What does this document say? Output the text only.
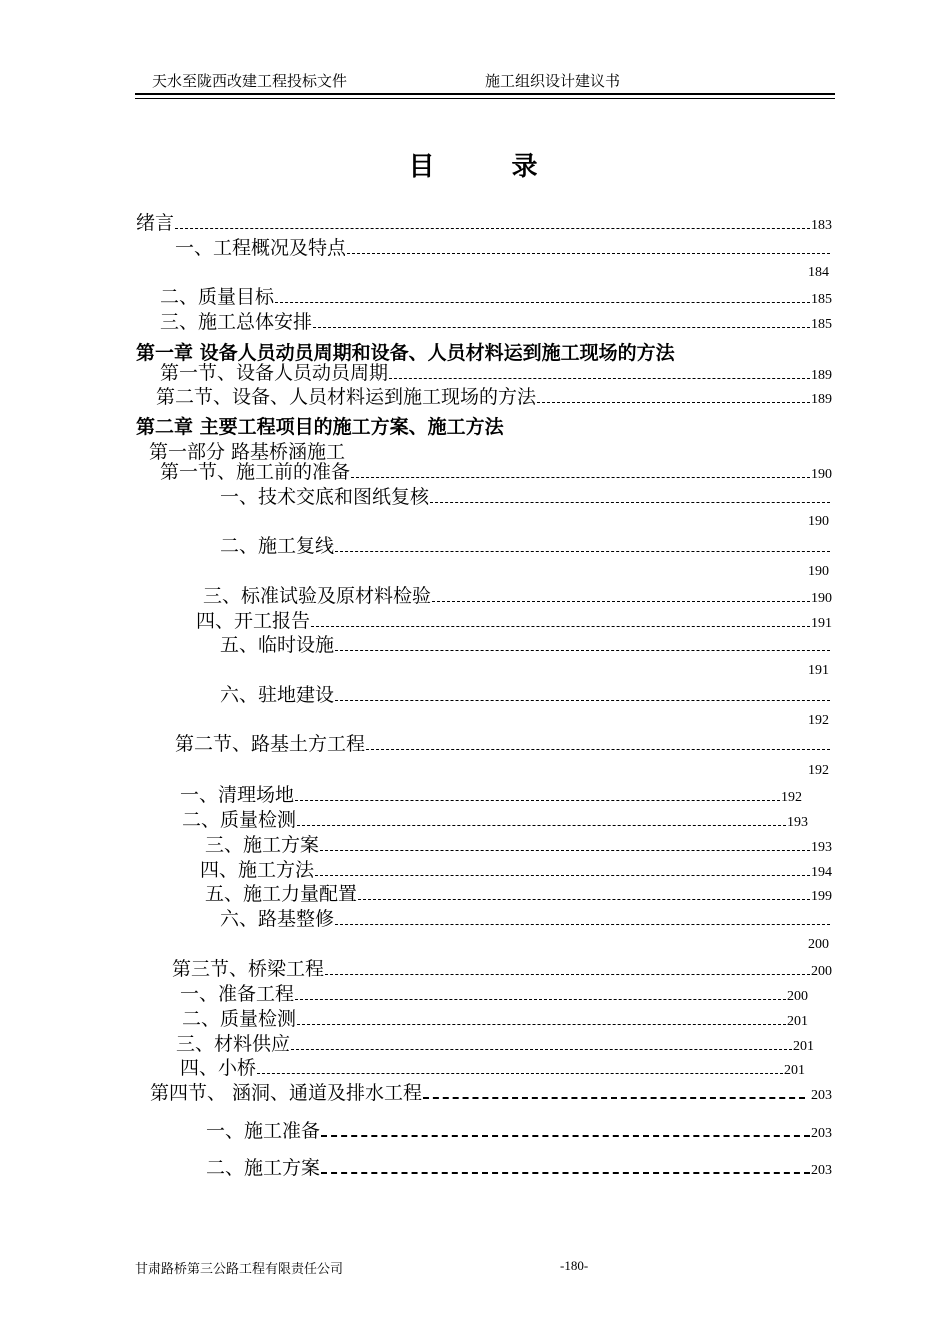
天水至陇西改建工程投标文件	施工组织设计建议书
目 录
绪言	183
一、工程概况及特点
184
二、质量目标	185
三、施工总体安排	185
第一章 设备人员动员周期和设备、人员材料运到施工现场的方法
第一节、设备人员动员周期	189
第二节、设备、人员材料运到施工现场的方法	189
第二章 主要工程项目的施工方案、施工方法
第一部分 路基桥涵施工
第一节、施工前的准备	190
一、技术交底和图纸复核
190
二、施工复线
190
三、标准试验及原材料检验	190
四、开工报告	191
五、临时设施
191
六、驻地建设
192
第二节、路基土方工程
192
一、清理场地	192
二、质量检测	193
三、施工方案	193
四、施工方法	194
五、施工力量配置	199
六、路基整修
200
第三节、桥梁工程	200
一、准备工程	200
二、质量检测	201
三、材料供应	201
四、小桥	201
第四节、 涵洞、通道及排水工程	203
一、施工准备	203
二、施工方案	203
甘肃路桥第三公路工程有限责任公司	-180-
